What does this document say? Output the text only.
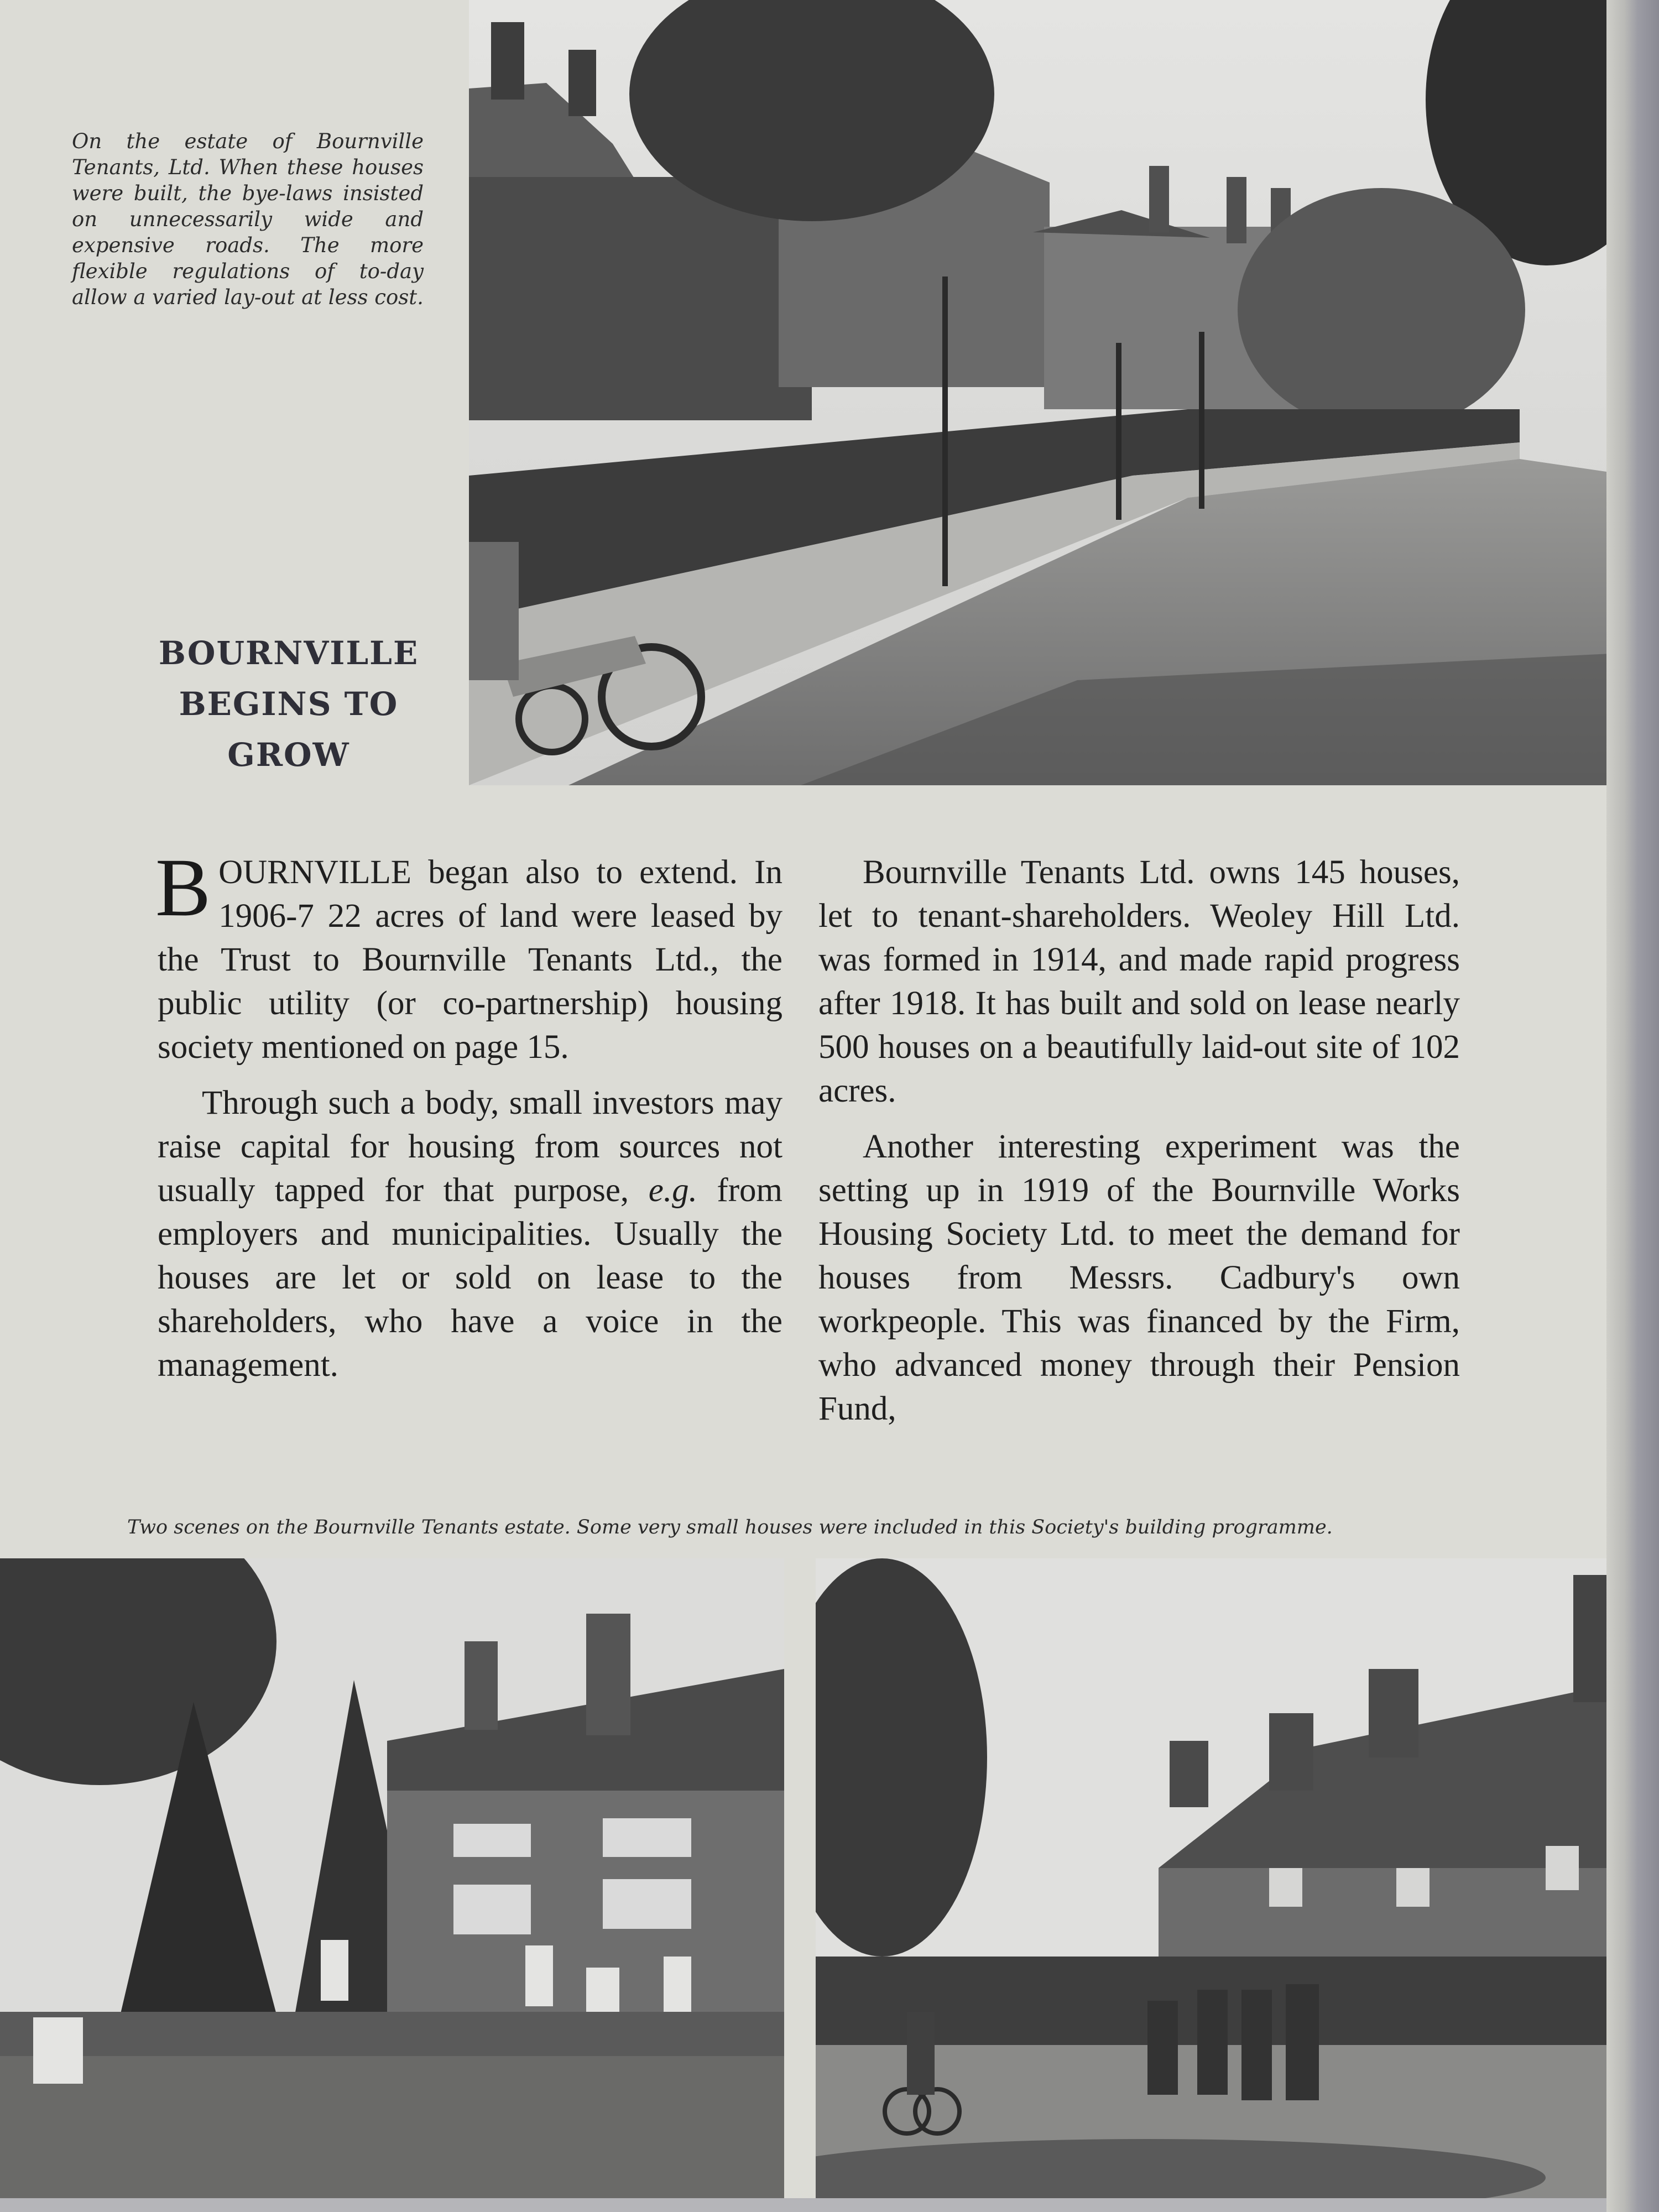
On the estate of Bournville Tenants, Ltd. When these houses were built, the bye-laws insisted on unnecessarily wide and expensive roads. The more flexible regulations of to-day allow a varied lay-out at less cost.
BOURNVILLE
BEGINS TO
GROW

BOURNVILLE began also to extend. In 1906-7 22 acres of land were leased by the Trust to Bournville Tenants Ltd., the public utility (or co-partnership) housing society mentioned on page 15.

Through such a body, small investors may raise capital for housing from sources not usually tapped for that purpose, e.g. from employers and municipalities. Usually the houses are let or sold on lease to the shareholders, who have a voice in the management.

Bournville Tenants Ltd. owns 145 houses, let to tenant-shareholders. Weoley Hill Ltd. was formed in 1914, and made rapid progress after 1918. It has built and sold on lease nearly 500 houses on a beautifully laid-out site of 102 acres.

Another interesting experiment was the setting up in 1919 of the Bournville Works Housing Society Ltd. to meet the demand for houses from Messrs. Cadbury's own workpeople. This was financed by the Firm, who advanced money through their Pension Fund,

Two scenes on the Bournville Tenants estate. Some very small houses were included in this Society's building programme.
